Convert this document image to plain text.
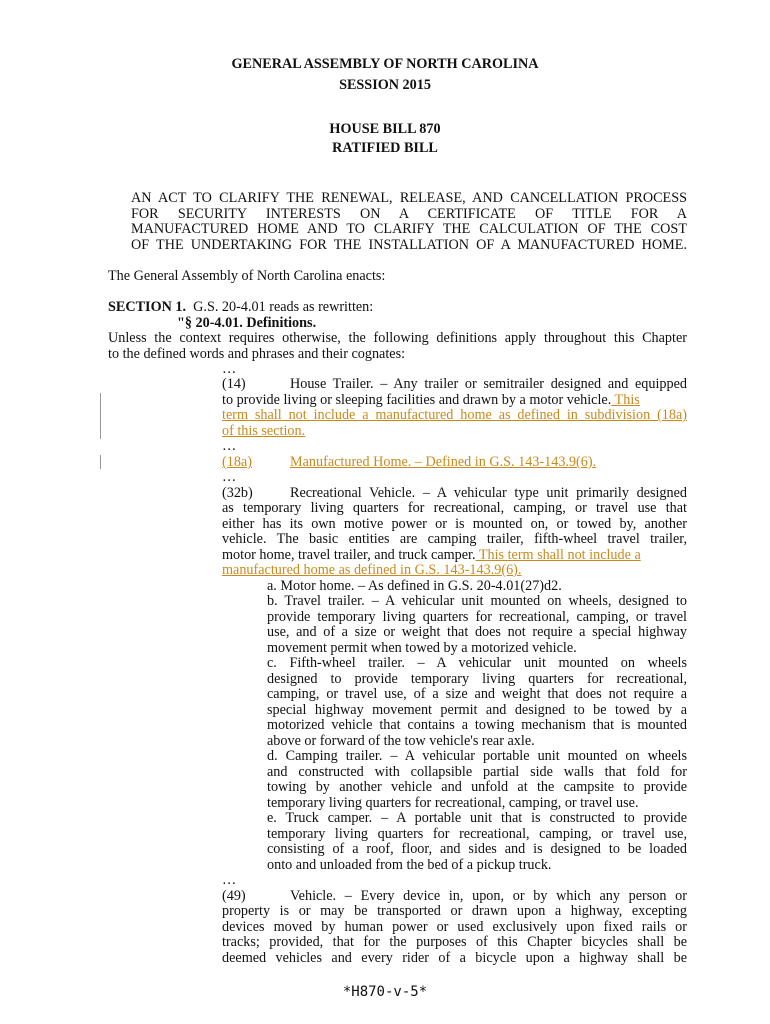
GENERAL ASSEMBLY OF NORTH CAROLINA
SESSION 2015
HOUSE BILL 870
RATIFIED BILL
AN ACT TO CLARIFY THE RENEWAL, RELEASE, AND CANCELLATION PROCESS
FOR SECURITY INTERESTS ON A CERTIFICATE OF TITLE FOR A
MANUFACTURED HOME AND TO CLARIFY THE CALCULATION OF THE COST
OF THE UNDERTAKING FOR THE INSTALLATION OF A MANUFACTURED HOME.
The General Assembly of North Carolina enacts:
SECTION 1. G.S. 20-4.01 reads as rewritten:
"§ 20-4.01. Definitions.
Unless the context requires otherwise, the following definitions apply throughout this Chapter
to the defined words and phrases and their cognates:
…
(14)	House Trailer. – Any trailer or semitrailer designed and equipped
to provide living or sleeping facilities and drawn by a motor vehicle. This
term shall not include a manufactured home as defined in subdivision (18a)
of this section.
…
(18a)	Manufactured Home. – Defined in G.S. 143-143.9(6).
…
(32b)	Recreational Vehicle. – A vehicular type unit primarily designed
as temporary living quarters for recreational, camping, or travel use that
either has its own motive power or is mounted on, or towed by, another
vehicle. The basic entities are camping trailer, fifth-wheel travel trailer,
motor home, travel trailer, and truck camper. This term shall not include a
manufactured home as defined in G.S. 143-143.9(6).
a. Motor home. – As defined in G.S. 20-4.01(27)d2.
b. Travel trailer. – A vehicular unit mounted on wheels, designed to
provide temporary living quarters for recreational, camping, or travel
use, and of a size or weight that does not require a special highway
movement permit when towed by a motorized vehicle.
c. Fifth-wheel trailer. – A vehicular unit mounted on wheels
designed to provide temporary living quarters for recreational,
camping, or travel use, of a size and weight that does not require a
special highway movement permit and designed to be towed by a
motorized vehicle that contains a towing mechanism that is mounted
above or forward of the tow vehicle's rear axle.
d. Camping trailer. – A vehicular portable unit mounted on wheels
and constructed with collapsible partial side walls that fold for
towing by another vehicle and unfold at the campsite to provide
temporary living quarters for recreational, camping, or travel use.
e. Truck camper. – A portable unit that is constructed to provide
temporary living quarters for recreational, camping, or travel use,
consisting of a roof, floor, and sides and is designed to be loaded
onto and unloaded from the bed of a pickup truck.
…
(49)	Vehicle. – Every device in, upon, or by which any person or
property is or may be transported or drawn upon a highway, excepting
devices moved by human power or used exclusively upon fixed rails or
tracks; provided, that for the purposes of this Chapter bicycles shall be
deemed vehicles and every rider of a bicycle upon a highway shall be
*H870-v-5*
